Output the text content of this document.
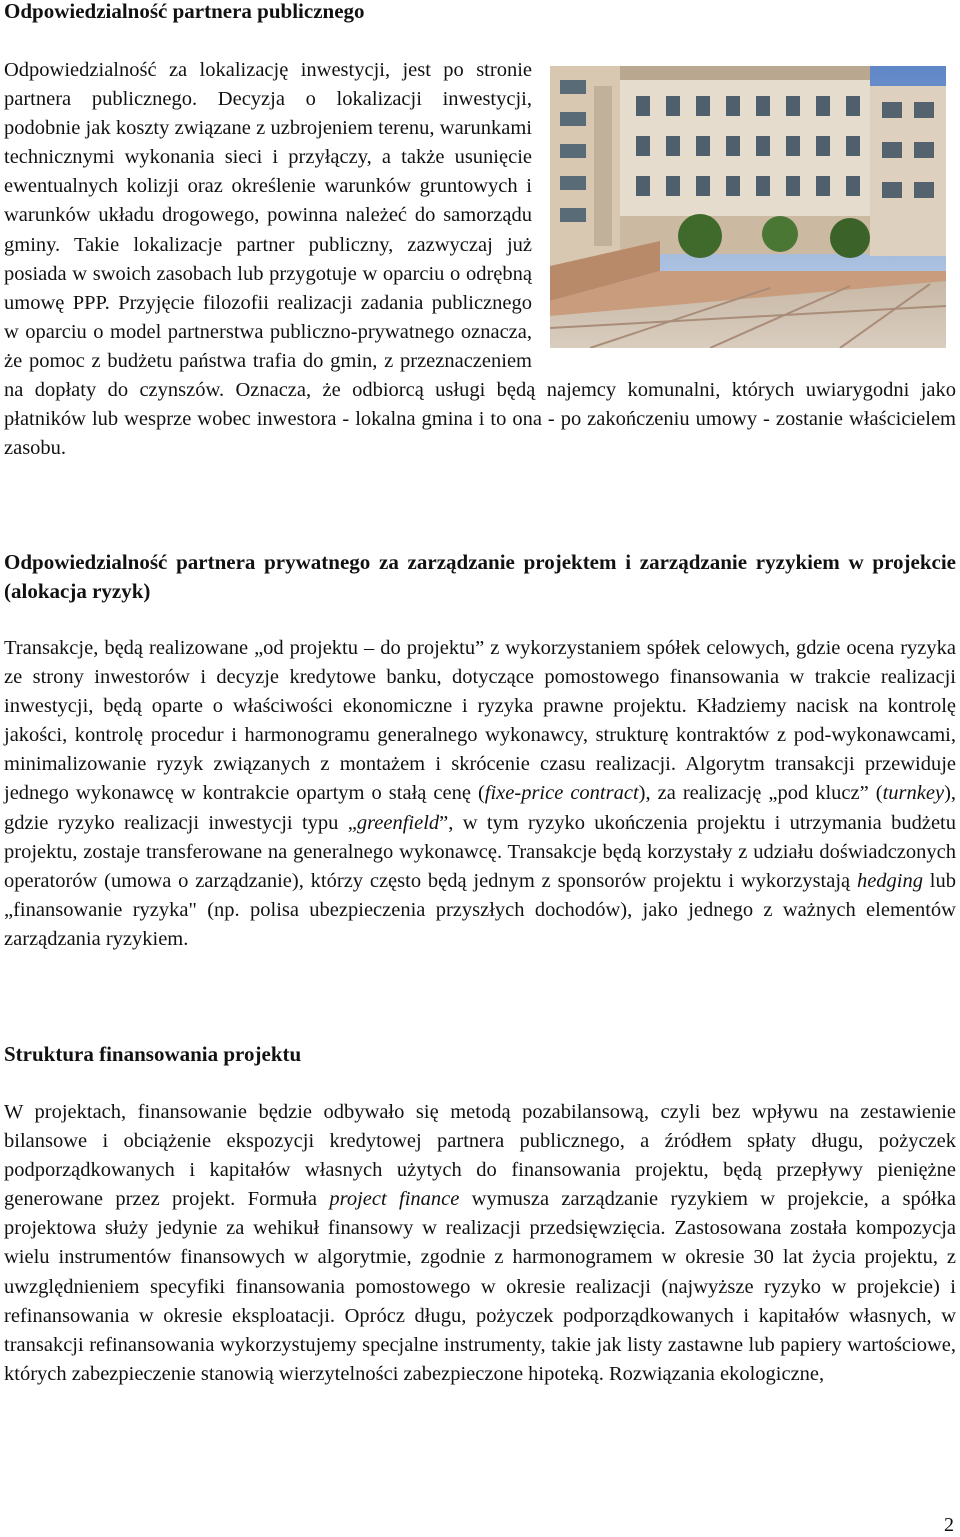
Odpowiedzialność partnera publicznego

Odpowiedzialność za lokalizację inwestycji, jest po stronie partnera publicznego. Decyzja o lokalizacji inwestycji, podobnie jak koszty związane z uzbrojeniem terenu, warunkami technicznymi wykonania sieci i przyłączy, a także usunięcie ewentualnych kolizji oraz określenie warunków gruntowych i warunków układu drogowego, powinna należeć do samorządu gminy. Takie lokalizacje partner publiczny, zazwyczaj już posiada w swoich zasobach lub przygotuje w oparciu o odrębną umowę PPP. Przyjęcie filozofii realizacji zadania publicznego w oparciu o model partnerstwa publiczno-prywatnego oznacza, że pomoc z budżetu państwa trafia do gmin, z przeznaczeniem na dopłaty do czynszów. Oznacza, że odbiorcą usługi będą najemcy komunalni, których uwiarygodni jako płatników lub wesprze wobec inwestora - lokalna gmina i to ona - po zakończeniu umowy - zostanie właścicielem zasobu.

Odpowiedzialność partnera prywatnego za zarządzanie projektem i zarządzanie ryzykiem w projekcie (alokacja ryzyk)

Transakcje, będą realizowane „od projektu – do projektu” z wykorzystaniem spółek celowych, gdzie ocena ryzyka ze strony inwestorów i decyzje kredytowe banku, dotyczące pomostowego finansowania w trakcie realizacji inwestycji, będą oparte o właściwości ekonomiczne i ryzyka prawne projektu. Kładziemy nacisk na kontrolę jakości, kontrolę procedur i harmonogramu generalnego wykonawcy, strukturę kontraktów z pod-wykonawcami, minimalizowanie ryzyk związanych z montażem i skrócenie czasu realizacji. Algorytm transakcji przewiduje jednego wykonawcę w kontrakcie opartym o stałą cenę (fixe-price contract), za realizację „pod klucz” (turnkey), gdzie ryzyko realizacji inwestycji typu „greenfield”, w tym ryzyko ukończenia projektu i utrzymania budżetu projektu, zostaje transferowane na generalnego wykonawcę. Transakcje będą korzystały z udziału doświadczonych operatorów (umowa o zarządzanie), którzy często będą jednym z sponsorów projektu i wykorzystają hedging lub „finansowanie ryzyka" (np. polisa ubezpieczenia przyszłych dochodów), jako jednego z ważnych elementów zarządzania ryzykiem.

Struktura finansowania projektu

W projektach, finansowanie będzie odbywało się metodą pozabilansową, czyli bez wpływu na zestawienie bilansowe i obciążenie ekspozycji kredytowej partnera publicznego, a źródłem spłaty długu, pożyczek podporządkowanych i kapitałów własnych użytych do finansowania projektu, będą przepływy pieniężne generowane przez projekt. Formuła project finance wymusza zarządzanie ryzykiem w projekcie, a spółka projektowa służy jedynie za wehikuł finansowy w realizacji przedsięwzięcia. Zastosowana została kompozycja wielu instrumentów finansowych w algorytmie, zgodnie z harmonogramem w okresie 30 lat życia projektu, z uwzględnieniem specyfiki finansowania pomostowego w okresie realizacji (najwyższe ryzyko w projekcie) i refinansowania w okresie eksploatacji. Oprócz długu, pożyczek podporządkowanych i kapitałów własnych, w transakcji refinansowania wykorzystujemy specjalne instrumenty, takie jak listy zastawne lub papiery wartościowe, których zabezpieczenie stanowią wierzytelności zabezpieczone hipoteką. Rozwiązania ekologiczne,

2
